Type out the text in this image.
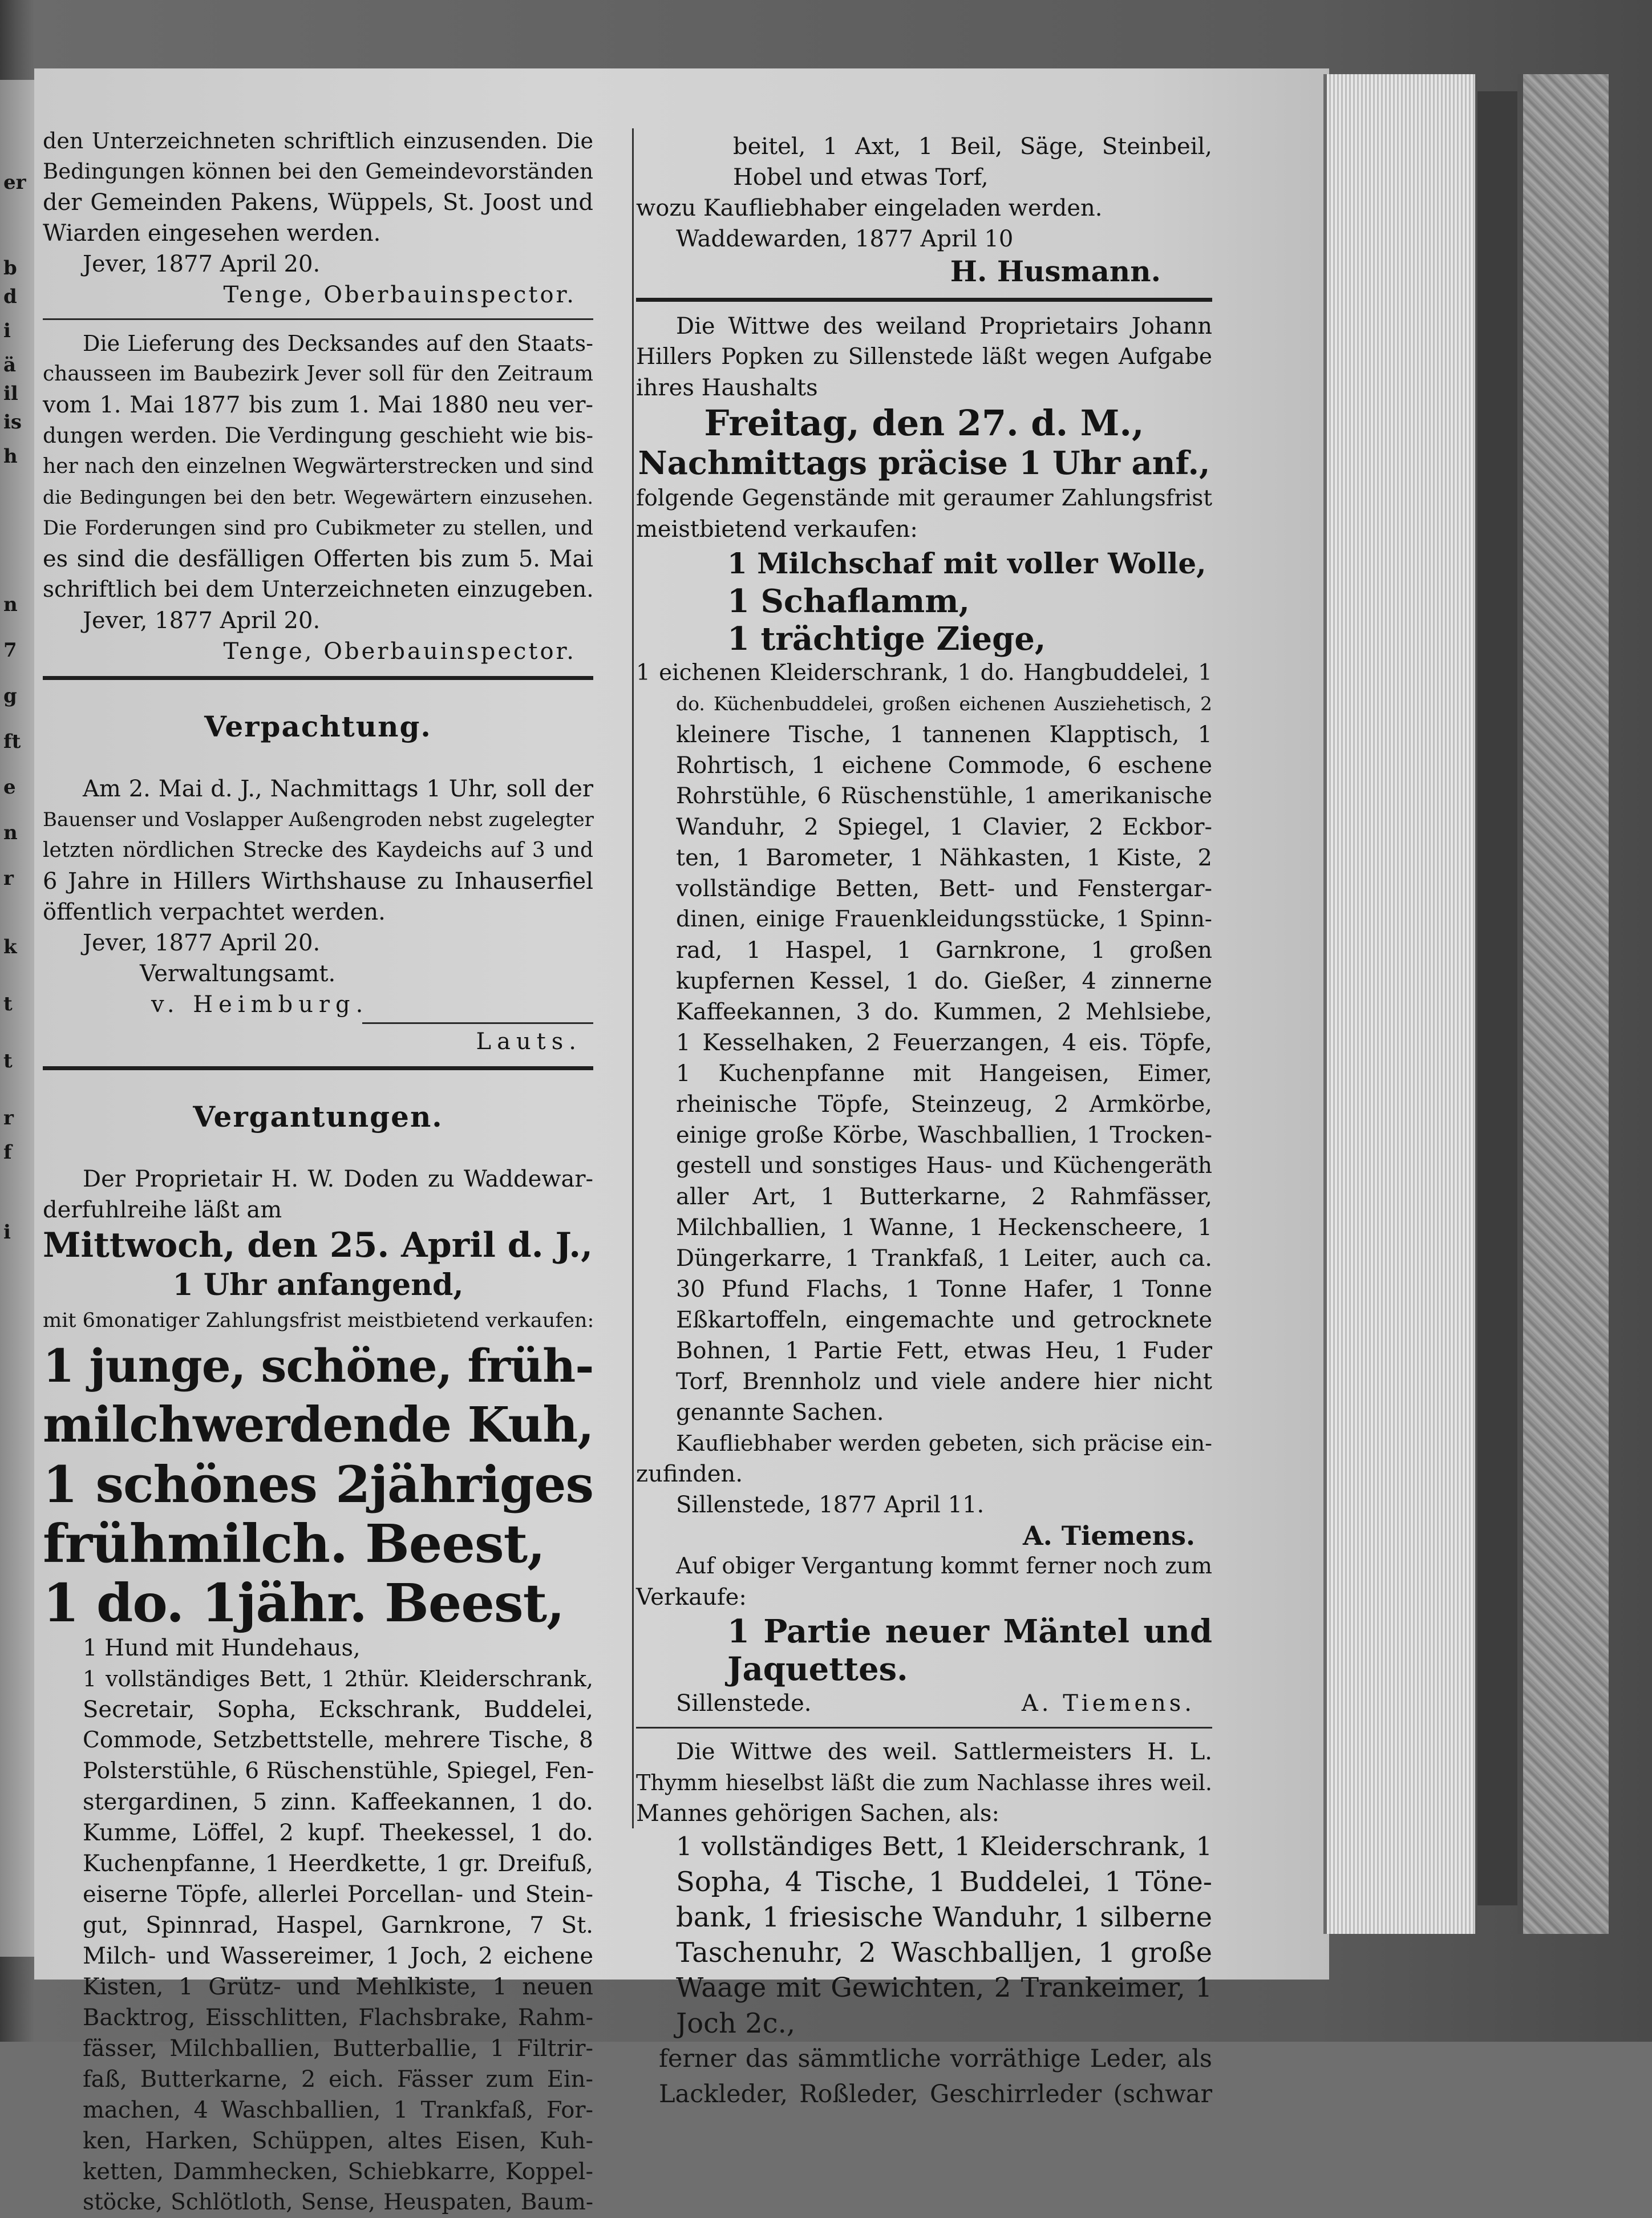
er
b
d
i
ä
il
is
h
n
7
g
ft
e
n
r
k
t
t
r
f
i

den Unterzeichneten schriftlich einzusenden. Die

Bedingungen können bei den Gemeindevorständen

der Gemeinden Pakens, Wüppels, St. Joost und

Wiarden eingesehen werden.

Jever, 1877 April 20.

Tenge, Oberbauinspector.

Die Lieferung des Decksandes auf den Staats-

chausseen im Baubezirk Jever soll für den Zeitraum

vom 1. Mai 1877 bis zum 1. Mai 1880 neu ver-

dungen werden. Die Verdingung geschieht wie bis-

her nach den einzelnen Wegwärterstrecken und sind

die Bedingungen bei den betr. Wegewärtern einzusehen.

Die Forderungen sind pro Cubikmeter zu stellen, und

es sind die desfälligen Offerten bis zum 5. Mai

schriftlich bei dem Unterzeichneten einzugeben.

Jever, 1877 April 20.

Tenge, Oberbauinspector.

Verpachtung.

Am 2. Mai d. J., Nachmittags 1 Uhr, soll der

Bauenser und Voslapper Außengroden nebst zugelegter

letzten nördlichen Strecke des Kaydeichs auf 3 und

6 Jahre in Hillers Wirthshause zu Inhauserfiel

öffentlich verpachtet werden.

Jever, 1877 April 20.

Verwaltungsamt.

v. Heimburg.

Lauts.

Vergantungen.

Der Proprietair H. W. Doden zu Waddewar-

derfuhlreihe läßt am

Mittwoch, den 25. April d. J.,

1 Uhr anfangend,

mit 6monatiger Zahlungsfrist meistbietend verkaufen:

1 junge, schöne, früh-

milchwerdende Kuh,

1 schönes 2jähriges

frühmilch. Beest,

1 do. 1jähr. Beest,

1 Hund mit Hundehaus,

1 vollständiges Bett, 1 2thür. Kleiderschrank,

Secretair, Sopha, Eckschrank, Buddelei,

Commode, Setzbettstelle, mehrere Tische, 8

Polsterstühle, 6 Rüschenstühle, Spiegel, Fen-

stergardinen, 5 zinn. Kaffeekannen, 1 do.

Kumme, Löffel, 2 kupf. Theekessel, 1 do.

Kuchenpfanne, 1 Heerdkette, 1 gr. Dreifuß,

eiserne Töpfe, allerlei Porcellan- und Stein-

gut, Spinnrad, Haspel, Garnkrone, 7 St.

Milch- und Wassereimer, 1 Joch, 2 eichene

Kisten, 1 Grütz- und Mehlkiste, 1 neuen

Backtrog, Eisschlitten, Flachsbrake, Rahm-

fässer, Milchballien, Butterballie, 1 Filtrir-

faß, Butterkarne, 2 eich. Fässer zum Ein-

machen, 4 Waschballien, 1 Trankfaß, For-

ken, Harken, Schüppen, altes Eisen, Kuh-

ketten, Dammhecken, Schiebkarre, Koppel-

stöcke, Schlötloth, Sense, Heuspaten, Baum-

beitel, 1 Axt, 1 Beil, Säge, Steinbeil,

Hobel und etwas Torf,

wozu Kaufliebhaber eingeladen werden.

Waddewarden, 1877 April 10

H. Husmann.

Die Wittwe des weiland Proprietairs Johann

Hillers Popken zu Sillenstede läßt wegen Aufgabe

ihres Haushalts

Freitag, den 27. d. M.,

Nachmittags präcise 1 Uhr anf.,

folgende Gegenstände mit geraumer Zahlungsfrist

meistbietend verkaufen:

1 Milchschaf mit voller Wolle,

1 Schaflamm,

1 trächtige Ziege,

1 eichenen Kleiderschrank, 1 do. Hangbuddelei, 1

do. Küchenbuddelei, großen eichenen Ausziehetisch, 2

kleinere Tische, 1 tannenen Klapptisch, 1

Rohrtisch, 1 eichene Commode, 6 eschene

Rohrstühle, 6 Rüschenstühle, 1 amerikanische

Wanduhr, 2 Spiegel, 1 Clavier, 2 Eckbor-

ten, 1 Barometer, 1 Nähkasten, 1 Kiste, 2

vollständige Betten, Bett- und Fenstergar-

dinen, einige Frauenkleidungsstücke, 1 Spinn-

rad, 1 Haspel, 1 Garnkrone, 1 großen

kupfernen Kessel, 1 do. Gießer, 4 zinnerne

Kaffeekannen, 3 do. Kummen, 2 Mehlsiebe,

1 Kesselhaken, 2 Feuerzangen, 4 eis. Töpfe,

1 Kuchenpfanne mit Hangeisen, Eimer,

rheinische Töpfe, Steinzeug, 2 Armkörbe,

einige große Körbe, Waschballien, 1 Trocken-

gestell und sonstiges Haus- und Küchengeräth

aller Art, 1 Butterkarne, 2 Rahmfässer,

Milchballien, 1 Wanne, 1 Heckenscheere, 1

Düngerkarre, 1 Trankfaß, 1 Leiter, auch ca.

30 Pfund Flachs, 1 Tonne Hafer, 1 Tonne

Eßkartoffeln, eingemachte und getrocknete

Bohnen, 1 Partie Fett, etwas Heu, 1 Fuder

Torf, Brennholz und viele andere hier nicht

genannte Sachen.

Kaufliebhaber werden gebeten, sich präcise ein-

zufinden.

Sillenstede, 1877 April 11.

A. Tiemens.

Auf obiger Vergantung kommt ferner noch zum

Verkaufe:

1 Partie neuer Mäntel und

Jaquettes.

Sillenstede.	A. Tiemens.

Die Wittwe des weil. Sattlermeisters H. L.

Thymm hieselbst läßt die zum Nachlasse ihres weil.

Mannes gehörigen Sachen, als:

1 vollständiges Bett, 1 Kleiderschrank, 1

Sopha, 4 Tische, 1 Buddelei, 1 Töne-

bank, 1 friesische Wanduhr, 1 silberne

Taschenuhr, 2 Waschballjen, 1 große

Waage mit Gewichten, 2 Trankeimer, 1

Joch 2c.,

ferner das sämmtliche vorräthige Leder, als

Lackleder, Roßleder, Geschirrleder (schwar
